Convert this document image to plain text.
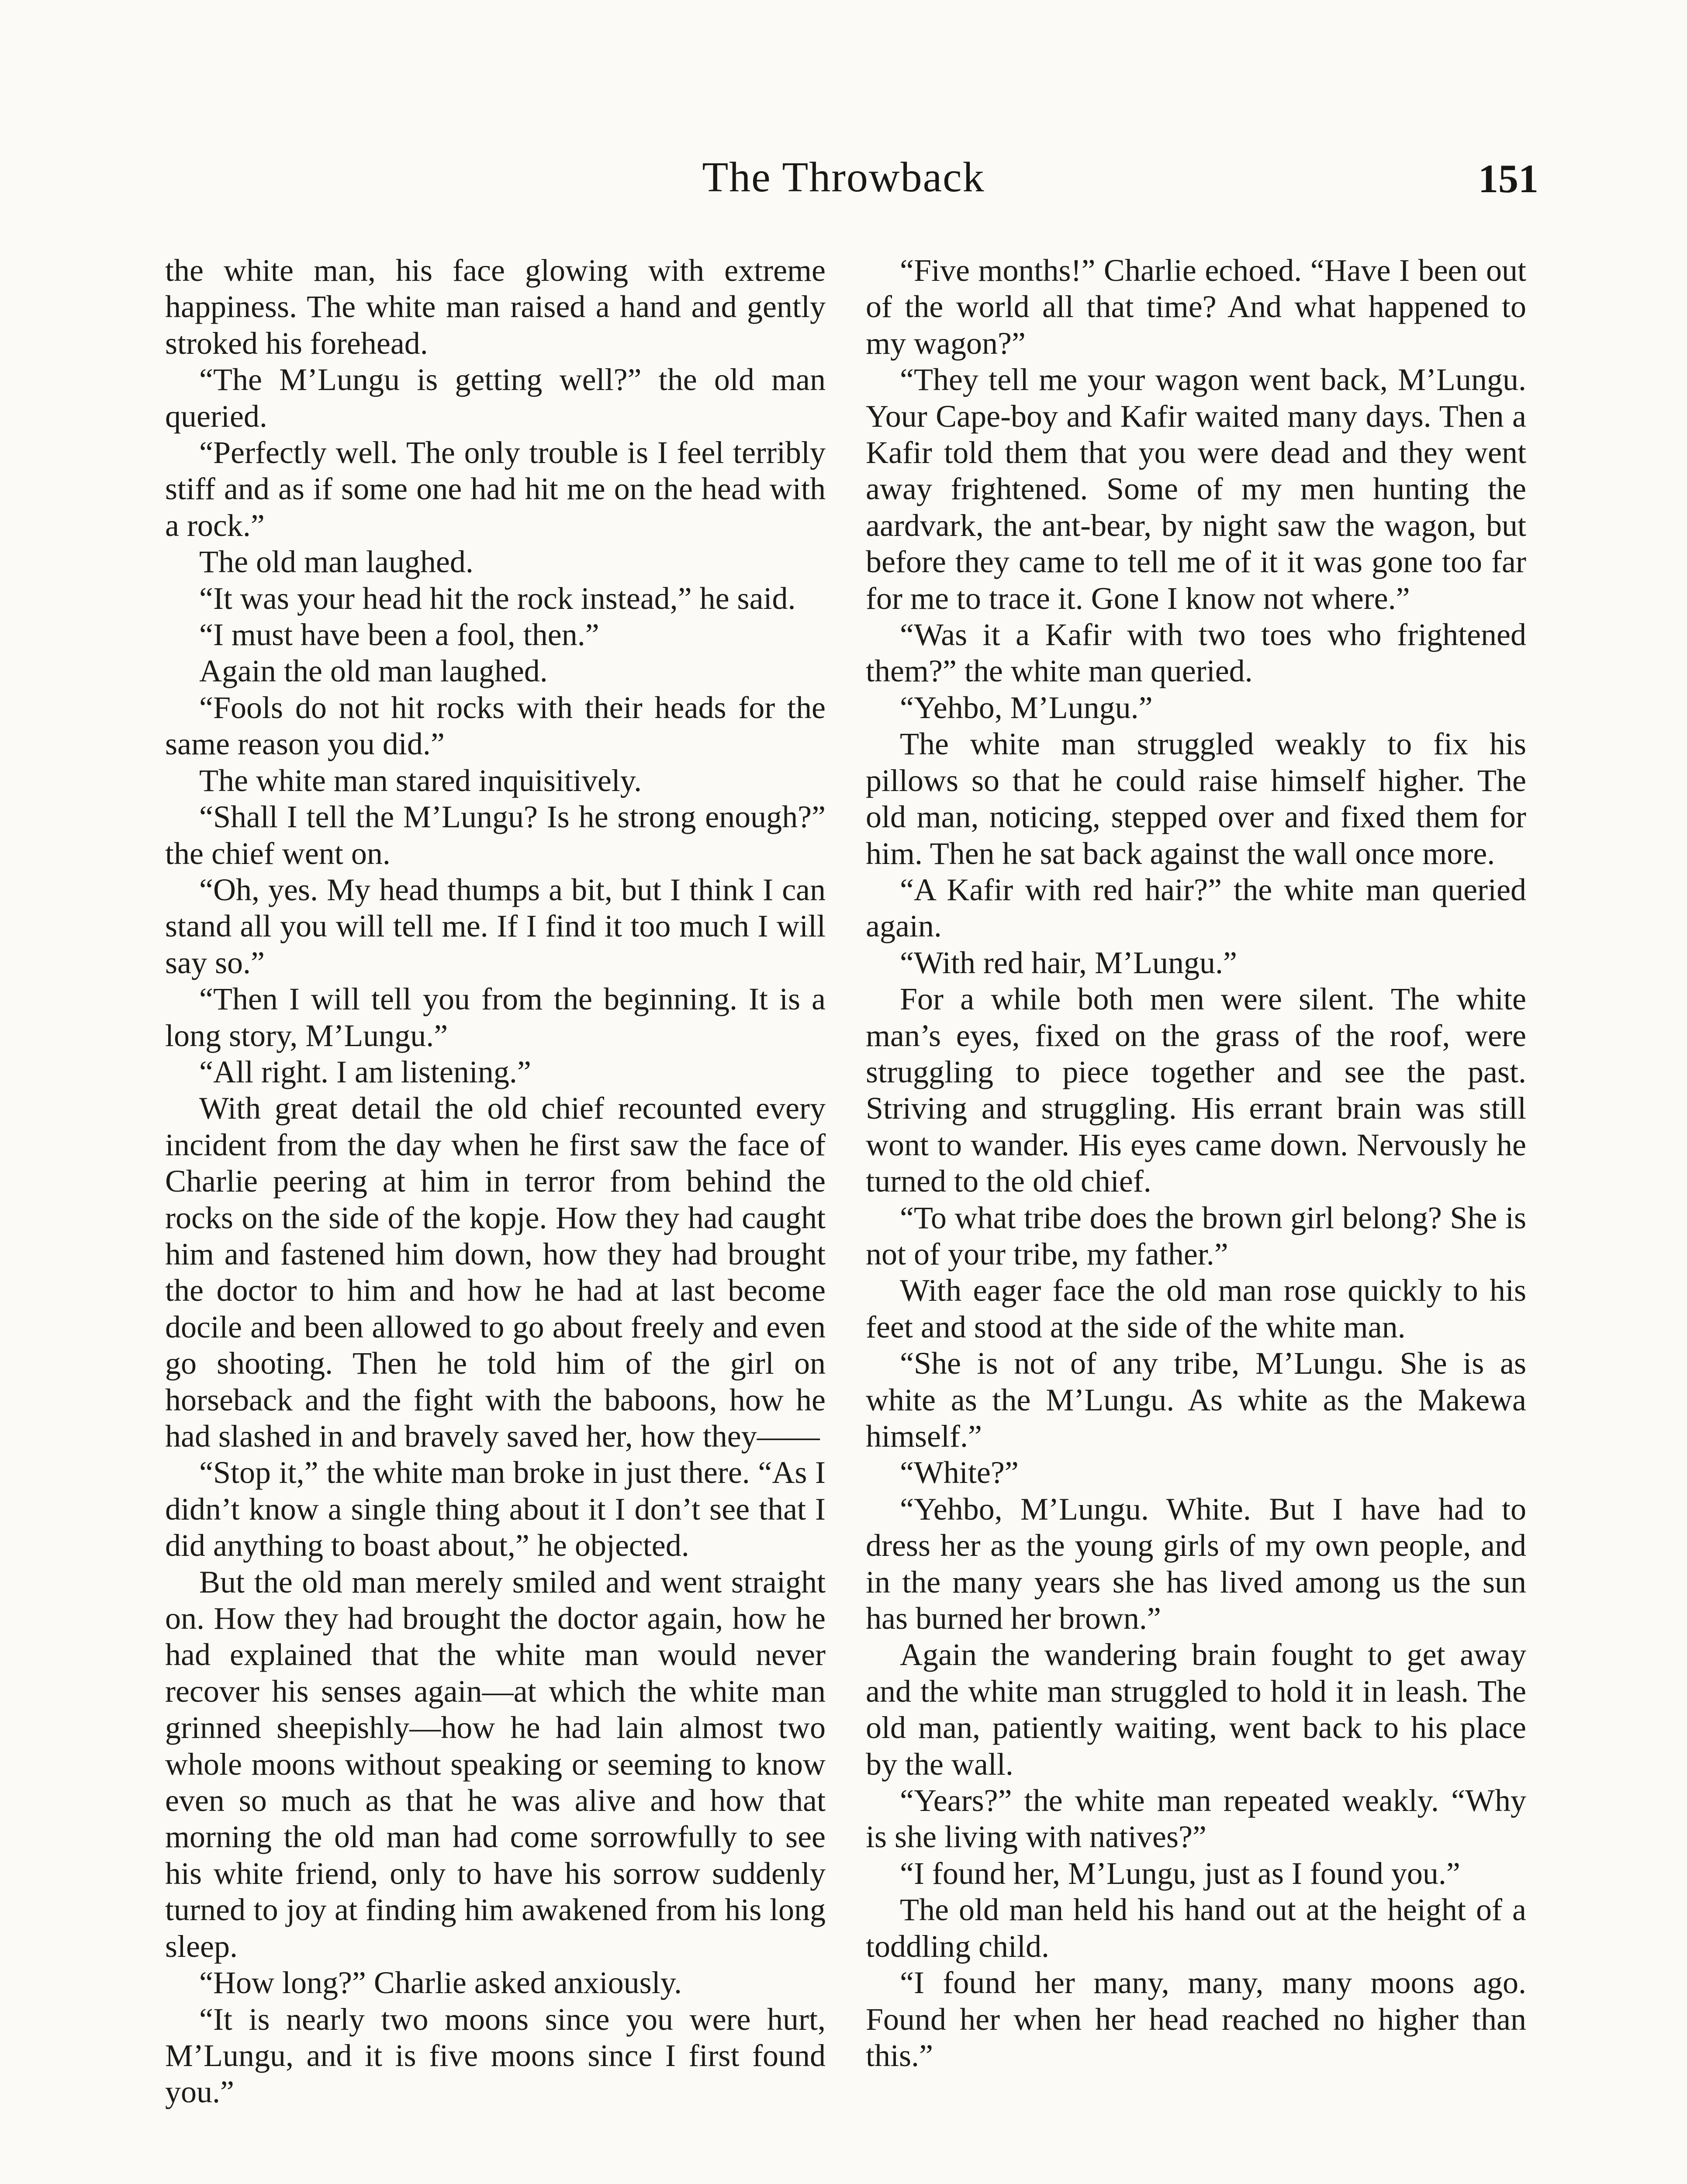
The Throwback	151

the white man, his face glowing with extreme happiness. The white man raised a hand and gently stroked his forehead.

“The M’Lungu is getting well?” the old man queried.

“Perfectly well. The only trouble is I feel terribly stiff and as if some one had hit me on the head with a rock.”

The old man laughed.

“It was your head hit the rock instead,” he said.

“I must have been a fool, then.”

Again the old man laughed.

“Fools do not hit rocks with their heads for the same reason you did.”

The white man stared inquisitively.

“Shall I tell the M’Lungu? Is he strong enough?” the chief went on.

“Oh, yes. My head thumps a bit, but I think I can stand all you will tell me. If I find it too much I will say so.”

“Then I will tell you from the beginning. It is a long story, M’Lungu.”

“All right. I am listening.”

With great detail the old chief recounted every incident from the day when he first saw the face of Charlie peering at him in terror from behind the rocks on the side of the kopje. How they had caught him and fastened him down, how they had brought the doctor to him and how he had at last become docile and been allowed to go about freely and even go shooting. Then he told him of the girl on horseback and the fight with the baboons, how he had slashed in and bravely saved her, how they——

“Stop it,” the white man broke in just there. “As I didn’t know a single thing about it I don’t see that I did anything to boast about,” he objected.

But the old man merely smiled and went straight on. How they had brought the doctor again, how he had explained that the white man would never recover his senses again—at which the white man grinned sheepishly—how he had lain almost two whole moons without speaking or seeming to know even so much as that he was alive and how that morning the old man had come sorrowfully to see his white friend, only to have his sorrow suddenly turned to joy at finding him awakened from his long sleep.

“How long?” Charlie asked anxiously.

“It is nearly two moons since you were hurt, M’Lungu, and it is five moons since I first found you.”

“Five months!” Charlie echoed. “Have I been out of the world all that time? And what happened to my wagon?”

“They tell me your wagon went back, M’Lungu. Your Cape-boy and Kafir waited many days. Then a Kafir told them that you were dead and they went away frightened. Some of my men hunting the aardvark, the ant-bear, by night saw the wagon, but before they came to tell me of it it was gone too far for me to trace it. Gone I know not where.”

“Was it a Kafir with two toes who frightened them?” the white man queried.

“Yehbo, M’Lungu.”

The white man struggled weakly to fix his pillows so that he could raise himself higher. The old man, noticing, stepped over and fixed them for him. Then he sat back against the wall once more.

“A Kafir with red hair?” the white man queried again.

“With red hair, M’Lungu.”

For a while both men were silent. The white man’s eyes, fixed on the grass of the roof, were struggling to piece together and see the past. Striving and struggling. His errant brain was still wont to wander. His eyes came down. Nervously he turned to the old chief.

“To what tribe does the brown girl belong? She is not of your tribe, my father.”

With eager face the old man rose quickly to his feet and stood at the side of the white man.

“She is not of any tribe, M’Lungu. She is as white as the M’Lungu. As white as the Makewa himself.”

“White?”

“Yehbo, M’Lungu. White. But I have had to dress her as the young girls of my own people, and in the many years she has lived among us the sun has burned her brown.”

Again the wandering brain fought to get away and the white man struggled to hold it in leash. The old man, patiently waiting, went back to his place by the wall.

“Years?” the white man repeated weakly. “Why is she living with natives?”

“I found her, M’Lungu, just as I found you.”

The old man held his hand out at the height of a toddling child.

“I found her many, many, many moons ago. Found her when her head reached no higher than this.”
